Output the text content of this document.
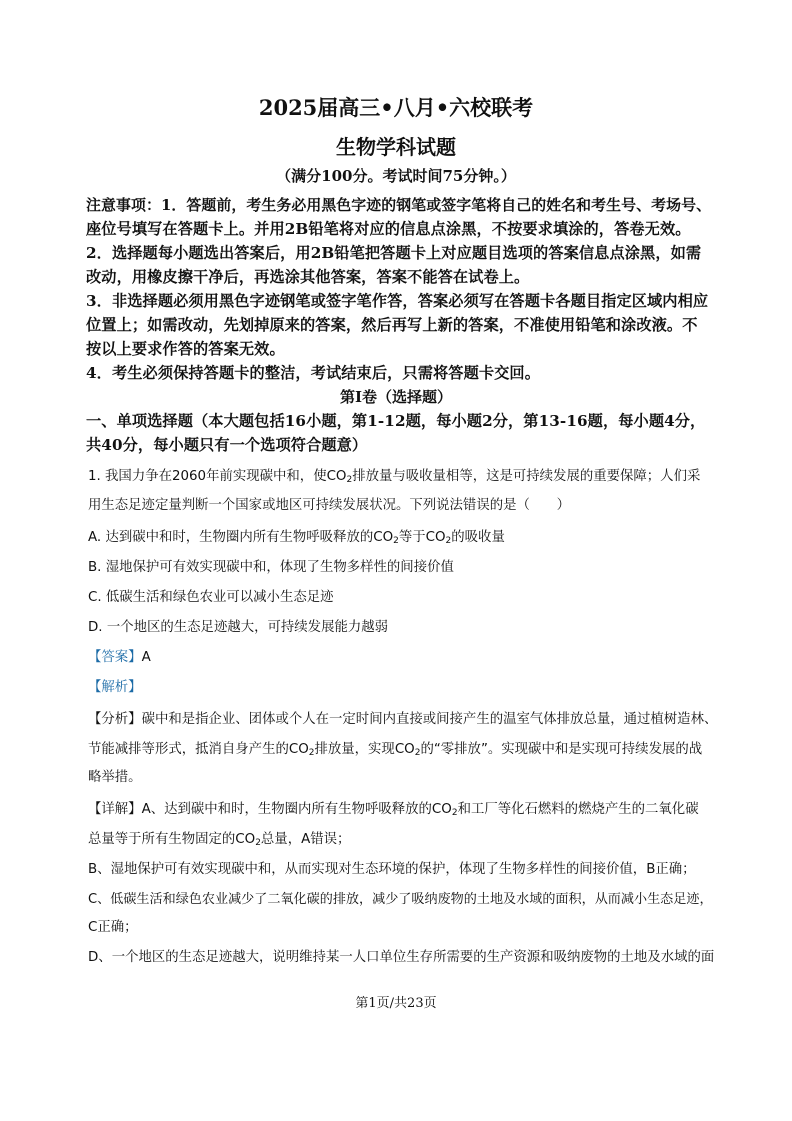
2025届高三•八月•六校联考
生物学科试题
（满分100分。考试时间75分钟。）
注意事项：1．答题前，考生务必用黑色字迹的钢笔或签字笔将自己的姓名和考生号、考场号、
座位号填写在答题卡上。并用2B铅笔将对应的信息点涂黑，不按要求填涂的，答卷无效。
2．选择题每小题选出答案后，用2B铅笔把答题卡上对应题目选项的答案信息点涂黑，如需
改动，用橡皮擦干净后，再选涂其他答案，答案不能答在试卷上。
3．非选择题必须用黑色字迹钢笔或签字笔作答，答案必须写在答题卡各题目指定区域内相应
位置上；如需改动，先划掉原来的答案，然后再写上新的答案，不准使用铅笔和涂改液。不
按以上要求作答的答案无效。
4．考生必须保持答题卡的整洁，考试结束后，只需将答题卡交回。
第Ⅰ卷（选择题）
一、单项选择题（本大题包括16小题，第1-12题，每小题2分，第13-16题，每小题4分，
共40分，每小题只有一个选项符合题意）
1. 我国力争在2060年前实现碳中和，使$CO_2$排放量与吸收量相等，这是可持续发展的重要保障；人们采
用生态足迹定量判断一个国家或地区可持续发展状况。下列说法错误的是（　　）
A. 达到碳中和时，生物圈内所有生物呼吸释放的$CO_2$等于$CO_2$的吸收量
B. 湿地保护可有效实现碳中和，体现了生物多样性的间接价值
C. 低碳生活和绿色农业可以减小生态足迹
D. 一个地区的生态足迹越大，可持续发展能力越弱
【答案】A
【解析】
【分析】碳中和是指企业、团体或个人在一定时间内直接或间接产生的温室气体排放总量，通过植树造林、
节能减排等形式，抵消自身产生的$CO_2$排放量，实现$CO_2$的“零排放”。实现碳中和是实现可持续发展的战
略举措。
【详解】A、达到碳中和时，生物圈内所有生物呼吸释放的$CO_2$和工厂等化石燃料的燃烧产生的二氧化碳
总量等于所有生物固定的$CO_2$总量，A错误；
B、湿地保护可有效实现碳中和，从而实现对生态环境的保护，体现了生物多样性的间接价值，B正确；
C、低碳生活和绿色农业减少了二氧化碳的排放，减少了吸纳废物的土地及水域的面积，从而减小生态足迹，
C正确；
D、一个地区的生态足迹越大，说明维持某一人口单位生存所需要的生产资源和吸纳废物的土地及水域的面
第1页/共23页
